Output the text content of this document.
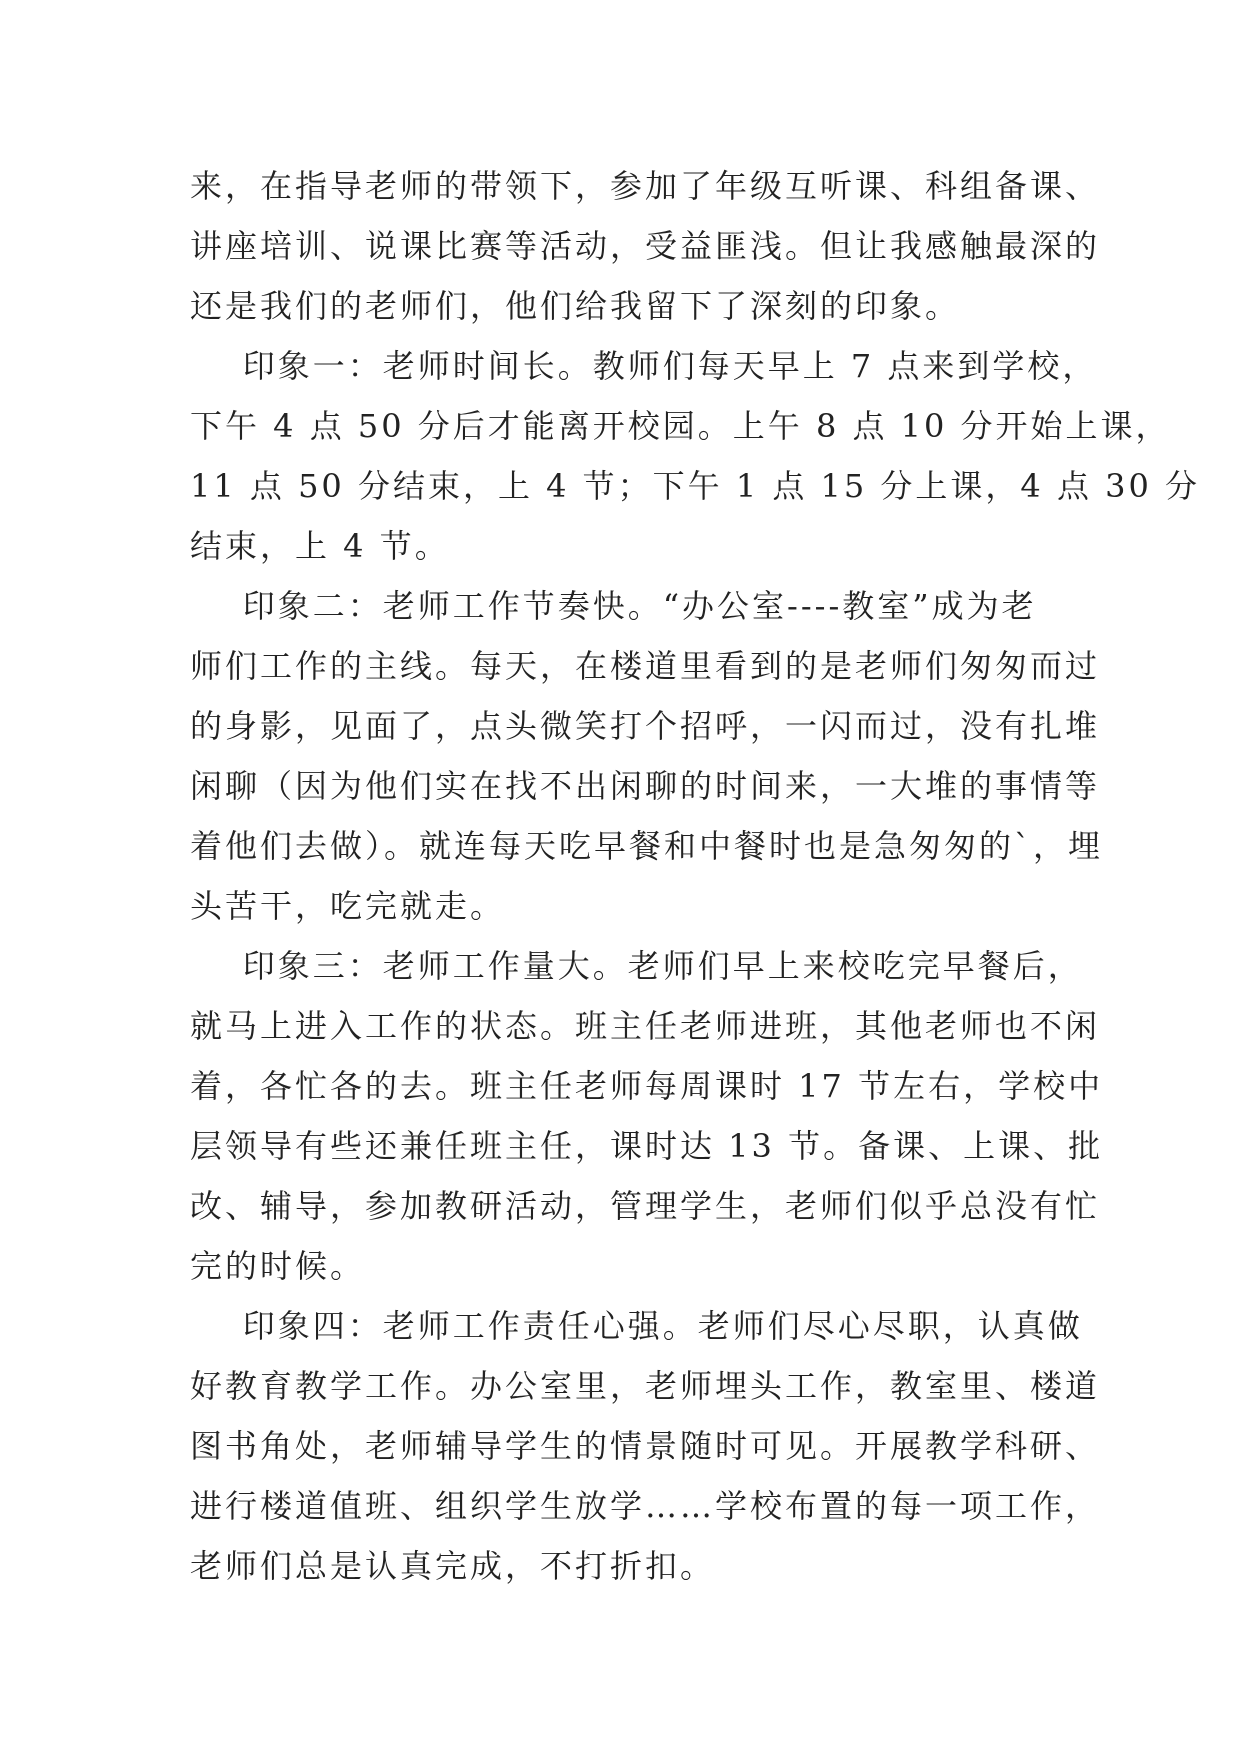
来，在指导老师的带领下，参加了年级互听课、科组备课、
讲座培训、说课比赛等活动，受益匪浅。但让我感触最深的
还是我们的老师们，他们给我留下了深刻的印象。
印象一：老师时间长。教师们每天早上 7 点来到学校，
下午 4 点 50 分后才能离开校园。上午 8 点 10 分开始上课，
11 点 50 分结束，上 4 节；下午 1 点 15 分上课，4 点 30 分
结束，上 4 节。
印象二：老师工作节奏快。“办公室----教室”成为老
师们工作的主线。每天，在楼道里看到的是老师们匆匆而过
的身影，见面了，点头微笑打个招呼，一闪而过，没有扎堆
闲聊（因为他们实在找不出闲聊的时间来，一大堆的事情等
着他们去做）。就连每天吃早餐和中餐时也是急匆匆的`，埋
头苦干，吃完就走。
印象三：老师工作量大。老师们早上来校吃完早餐后，
就马上进入工作的状态。班主任老师进班，其他老师也不闲
着，各忙各的去。班主任老师每周课时 17 节左右，学校中
层领导有些还兼任班主任，课时达 13 节。备课、上课、批
改、辅导，参加教研活动，管理学生，老师们似乎总没有忙
完的时候。
印象四：老师工作责任心强。老师们尽心尽职，认真做
好教育教学工作。办公室里，老师埋头工作，教室里、楼道
图书角处，老师辅导学生的情景随时可见。开展教学科研、
进行楼道值班、组织学生放学……学校布置的每一项工作，
老师们总是认真完成，不打折扣。
